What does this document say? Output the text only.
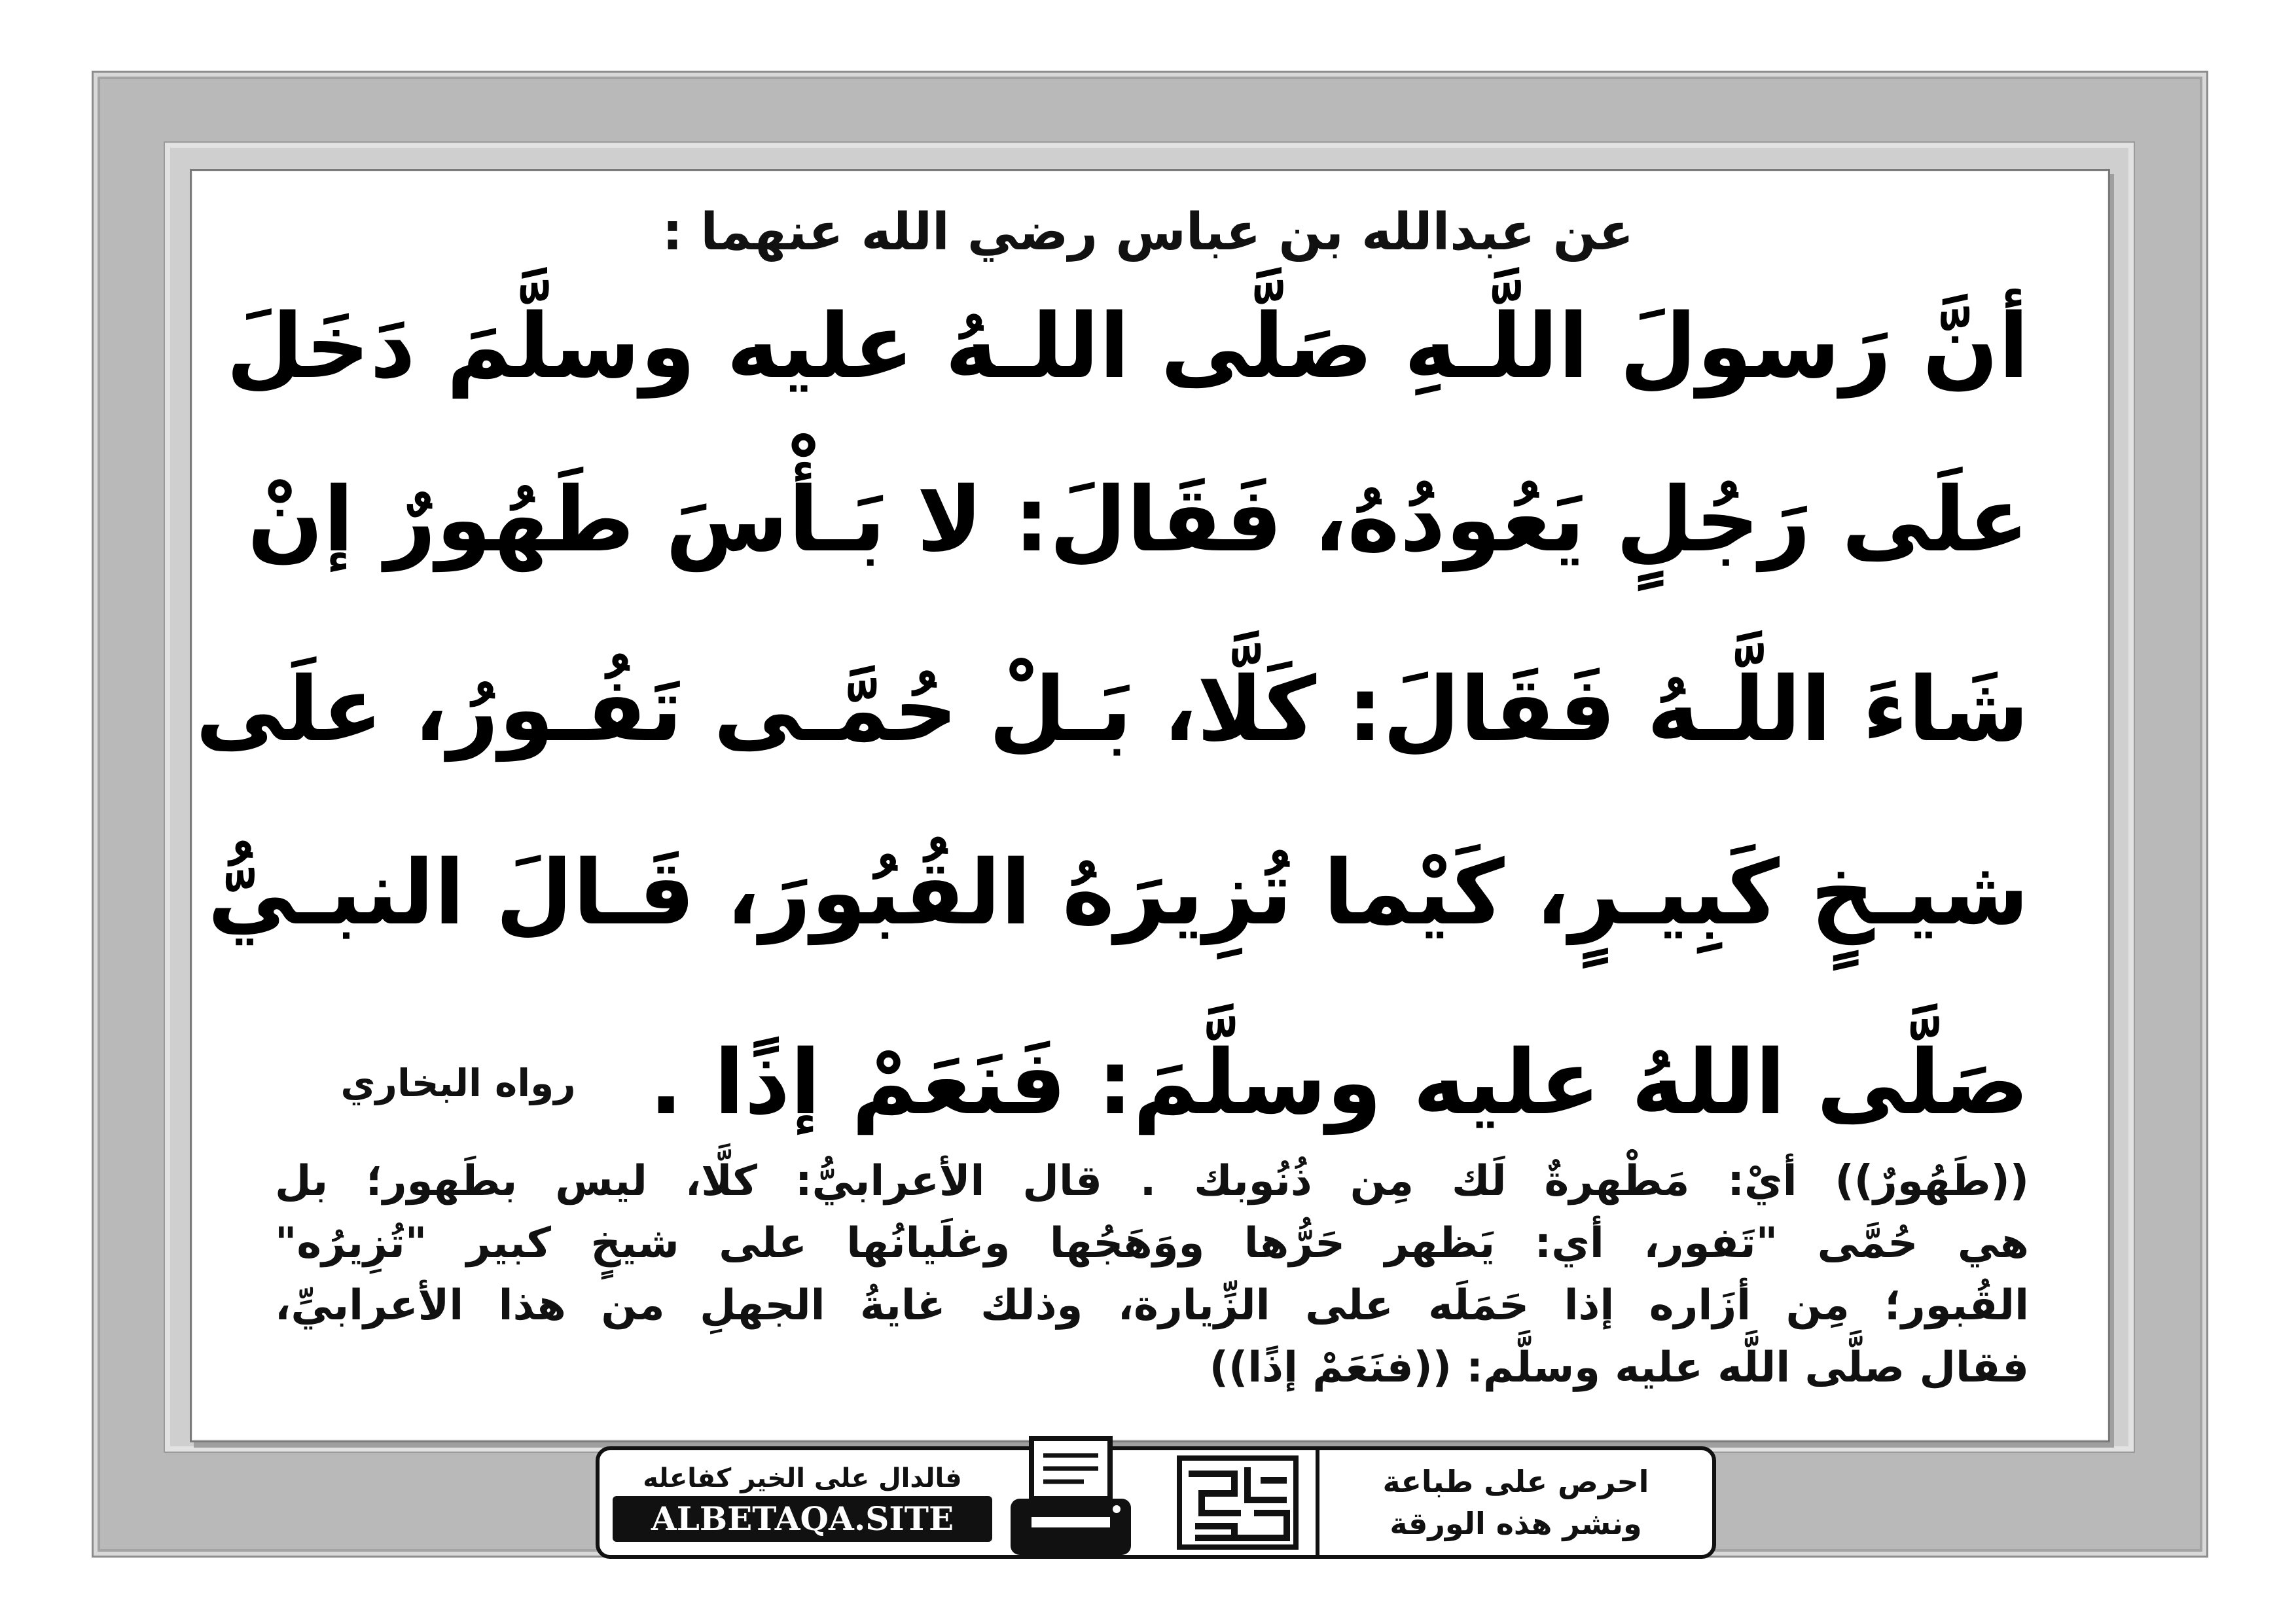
عن عبدالله بن عباس رضي الله عنهما :
أنَّ رَسولَ اللَّـهِ صَلَّى اللـهُ عليه وسلَّمَ دَخَلَ
علَى رَجُلٍ يَعُودُهُ، فَقَالَ: لا بَـأْسَ طَهُورٌ إنْ
شَاءَ اللَّـهُ فَقَالَ: كَلَّا، بَـلْ حُمَّـى تَفُـورُ، علَى
شيـخٍ كَبِيـرٍ، كَيْما تُزِيرَهُ القُبُورَ، قَـالَ النبـيُّ
صَلَّى اللهُ عليه وسلَّمَ: فَنَعَمْ إذًا .
رواه البخاري
((طَهُورٌ)) أيْ: مَطْهرةٌ لَك مِن ذُنُوبك . قال الأعرابيُّ: كلَّا، ليس بطَهور؛ بل
هي حُمَّى "تَفور، أي: يَظهر حَرُّها ووَهَجُها وغلَيانُها على شيخٍ كبير "تُزِيرُه"
القُبور؛ مِن أزَاره إذا حَمَلَه على الزِّيارة، وذلك غايةُ الجهلِ من هذا الأعرابيِّ،
فقال صلَّى اللَّه عليه وسلَّم: ((فنَعَمْ إذًا))
فالدال على الخير كفاعله
ALBETAQA.SITE
احرص على طباعة
ونشر هذه الورقة
